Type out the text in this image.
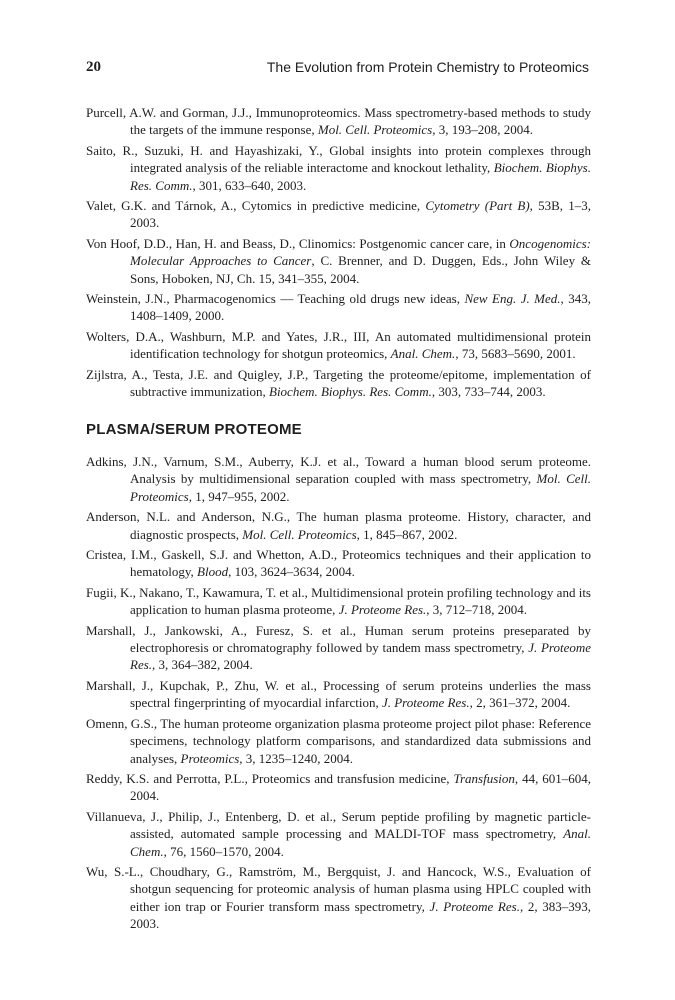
20	The Evolution from Protein Chemistry to Proteomics
Purcell, A.W. and Gorman, J.J., Immunoproteomics. Mass spectrometry-based methods to study the targets of the immune response, Mol. Cell. Proteomics, 3, 193–208, 2004.
Saito, R., Suzuki, H. and Hayashizaki, Y., Global insights into protein complexes through integrated analysis of the reliable interactome and knockout lethality, Biochem. Biophys. Res. Comm., 301, 633–640, 2003.
Valet, G.K. and Tárnok, A., Cytomics in predictive medicine, Cytometry (Part B), 53B, 1–3, 2003.
Von Hoof, D.D., Han, H. and Beass, D., Clinomics: Postgenomic cancer care, in Oncogenomics: Molecular Approaches to Cancer, C. Brenner, and D. Duggen, Eds., John Wiley & Sons, Hoboken, NJ, Ch. 15, 341–355, 2004.
Weinstein, J.N., Pharmacogenomics — Teaching old drugs new ideas, New Eng. J. Med., 343, 1408–1409, 2000.
Wolters, D.A., Washburn, M.P. and Yates, J.R., III, An automated multidimensional protein identification technology for shotgun proteomics, Anal. Chem., 73, 5683–5690, 2001.
Zijlstra, A., Testa, J.E. and Quigley, J.P., Targeting the proteome/epitome, implementation of subtractive immunization, Biochem. Biophys. Res. Comm., 303, 733–744, 2003.
PLASMA/SERUM PROTEOME
Adkins, J.N., Varnum, S.M., Auberry, K.J. et al., Toward a human blood serum proteome. Analysis by multidimensional separation coupled with mass spectrometry, Mol. Cell. Proteomics, 1, 947–955, 2002.
Anderson, N.L. and Anderson, N.G., The human plasma proteome. History, character, and diagnostic prospects, Mol. Cell. Proteomics, 1, 845–867, 2002.
Cristea, I.M., Gaskell, S.J. and Whetton, A.D., Proteomics techniques and their application to hematology, Blood, 103, 3624–3634, 2004.
Fugii, K., Nakano, T., Kawamura, T. et al., Multidimensional protein profiling technology and its application to human plasma proteome, J. Proteome Res., 3, 712–718, 2004.
Marshall, J., Jankowski, A., Furesz, S. et al., Human serum proteins preseparated by electrophoresis or chromatography followed by tandem mass spectrometry, J. Proteome Res., 3, 364–382, 2004.
Marshall, J., Kupchak, P., Zhu, W. et al., Processing of serum proteins underlies the mass spectral fingerprinting of myocardial infarction, J. Proteome Res., 2, 361–372, 2004.
Omenn, G.S., The human proteome organization plasma proteome project pilot phase: Reference specimens, technology platform comparisons, and standardized data submissions and analyses, Proteomics, 3, 1235–1240, 2004.
Reddy, K.S. and Perrotta, P.L., Proteomics and transfusion medicine, Transfusion, 44, 601–604, 2004.
Villanueva, J., Philip, J., Entenberg, D. et al., Serum peptide profiling by magnetic particle-assisted, automated sample processing and MALDI-TOF mass spectrometry, Anal. Chem., 76, 1560–1570, 2004.
Wu, S.-L., Choudhary, G., Ramström, M., Bergquist, J. and Hancock, W.S., Evaluation of shotgun sequencing for proteomic analysis of human plasma using HPLC coupled with either ion trap or Fourier transform mass spectrometry, J. Proteome Res., 2, 383–393, 2003.
